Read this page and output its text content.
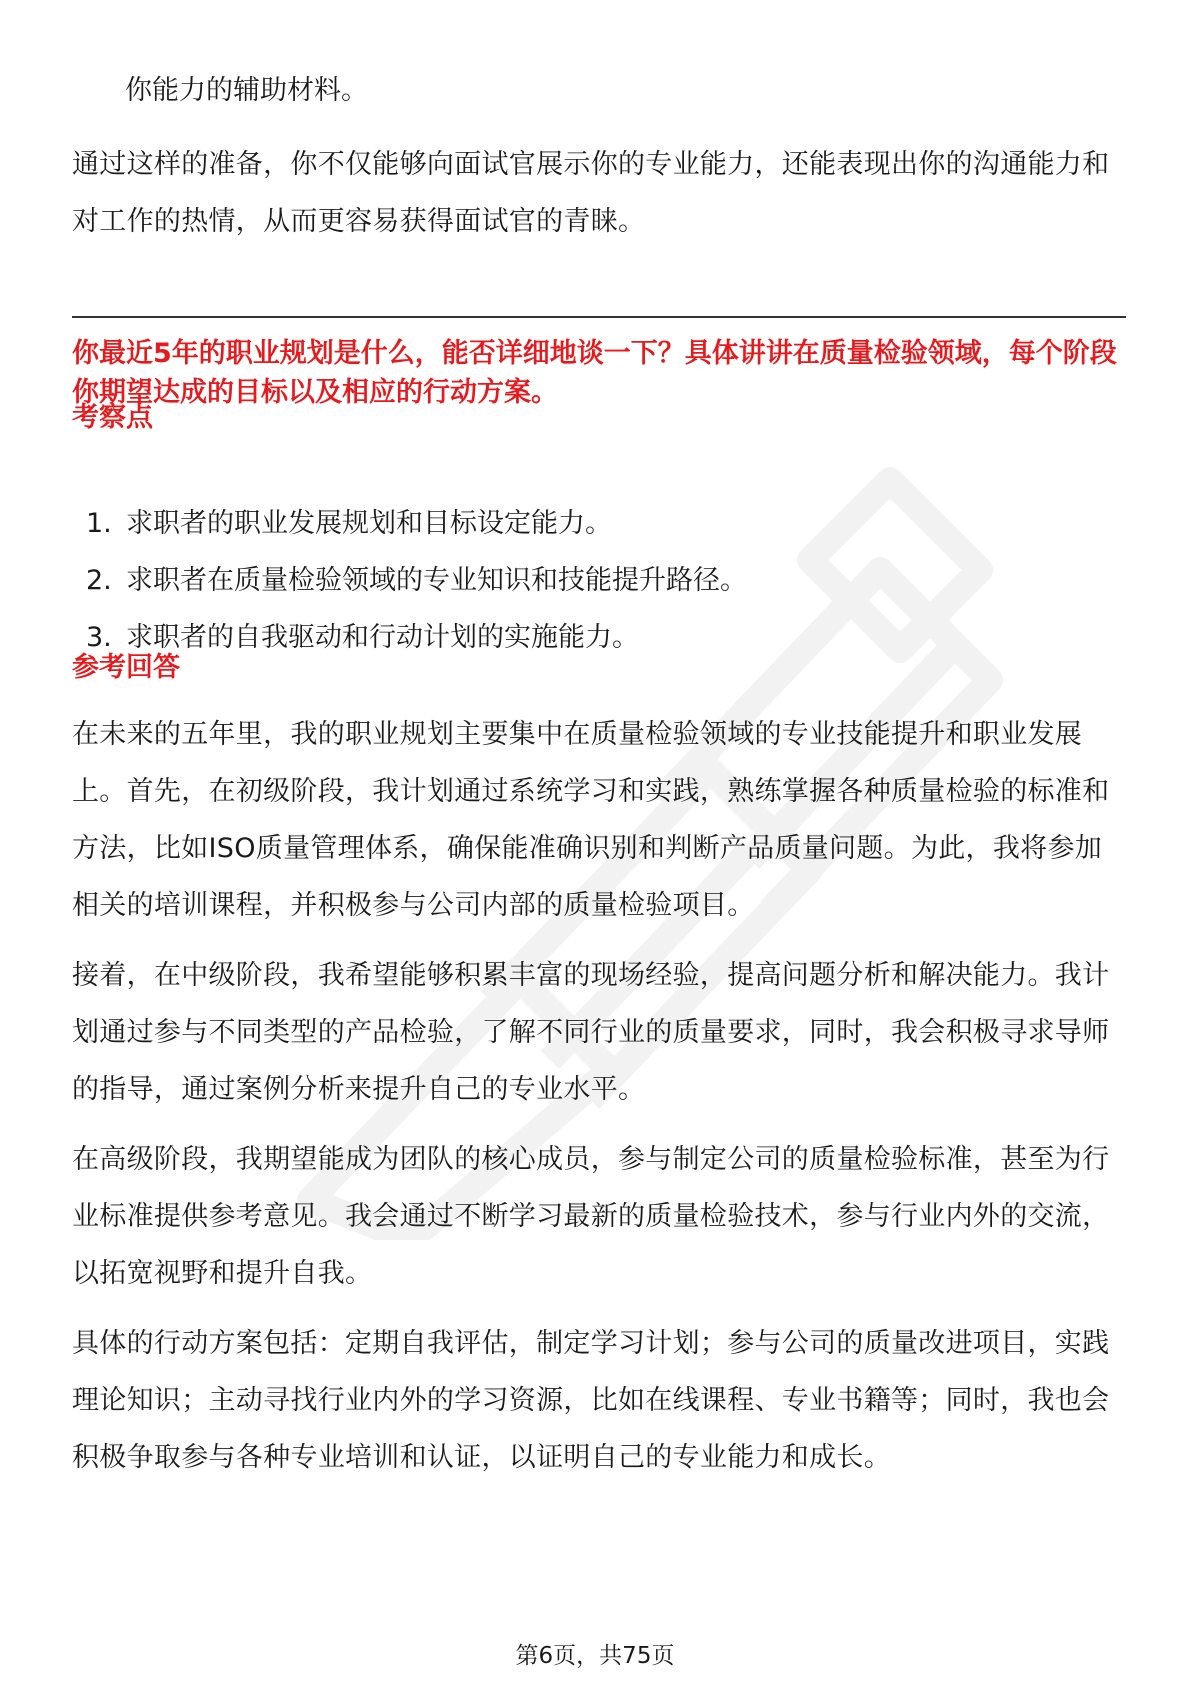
你能力的辅助材料。

通过这样的准备，你不仅能够向面试官展示你的专业能力，还能表现出你的沟通能力和对工作的热情，从而更容易获得面试官的青睐。

你最近5年的职业规划是什么，能否详细地谈一下？具体讲讲在质量检验领域，每个阶段你期望达成的目标以及相应的行动方案。

考察点

1. 求职者的职业发展规划和目标设定能力。
2. 求职者在质量检验领域的专业知识和技能提升路径。
3. 求职者的自我驱动和行动计划的实施能力。

参考回答

在未来的五年里，我的职业规划主要集中在质量检验领域的专业技能提升和职业发展上。首先，在初级阶段，我计划通过系统学习和实践，熟练掌握各种质量检验的标准和方法，比如ISO质量管理体系，确保能准确识别和判断产品质量问题。为此，我将参加相关的培训课程，并积极参与公司内部的质量检验项目。

接着，在中级阶段，我希望能够积累丰富的现场经验，提高问题分析和解决能力。我计划通过参与不同类型的产品检验，了解不同行业的质量要求，同时，我会积极寻求导师的指导，通过案例分析来提升自己的专业水平。

在高级阶段，我期望能成为团队的核心成员，参与制定公司的质量检验标准，甚至为行业标准提供参考意见。我会通过不断学习最新的质量检验技术，参与行业内外的交流，以拓宽视野和提升自我。

具体的行动方案包括：定期自我评估，制定学习计划；参与公司的质量改进项目，实践理论知识；主动寻找行业内外的学习资源，比如在线课程、专业书籍等；同时，我也会积极争取参与各种专业培训和认证，以证明自己的专业能力和成长。

第6页，共75页
